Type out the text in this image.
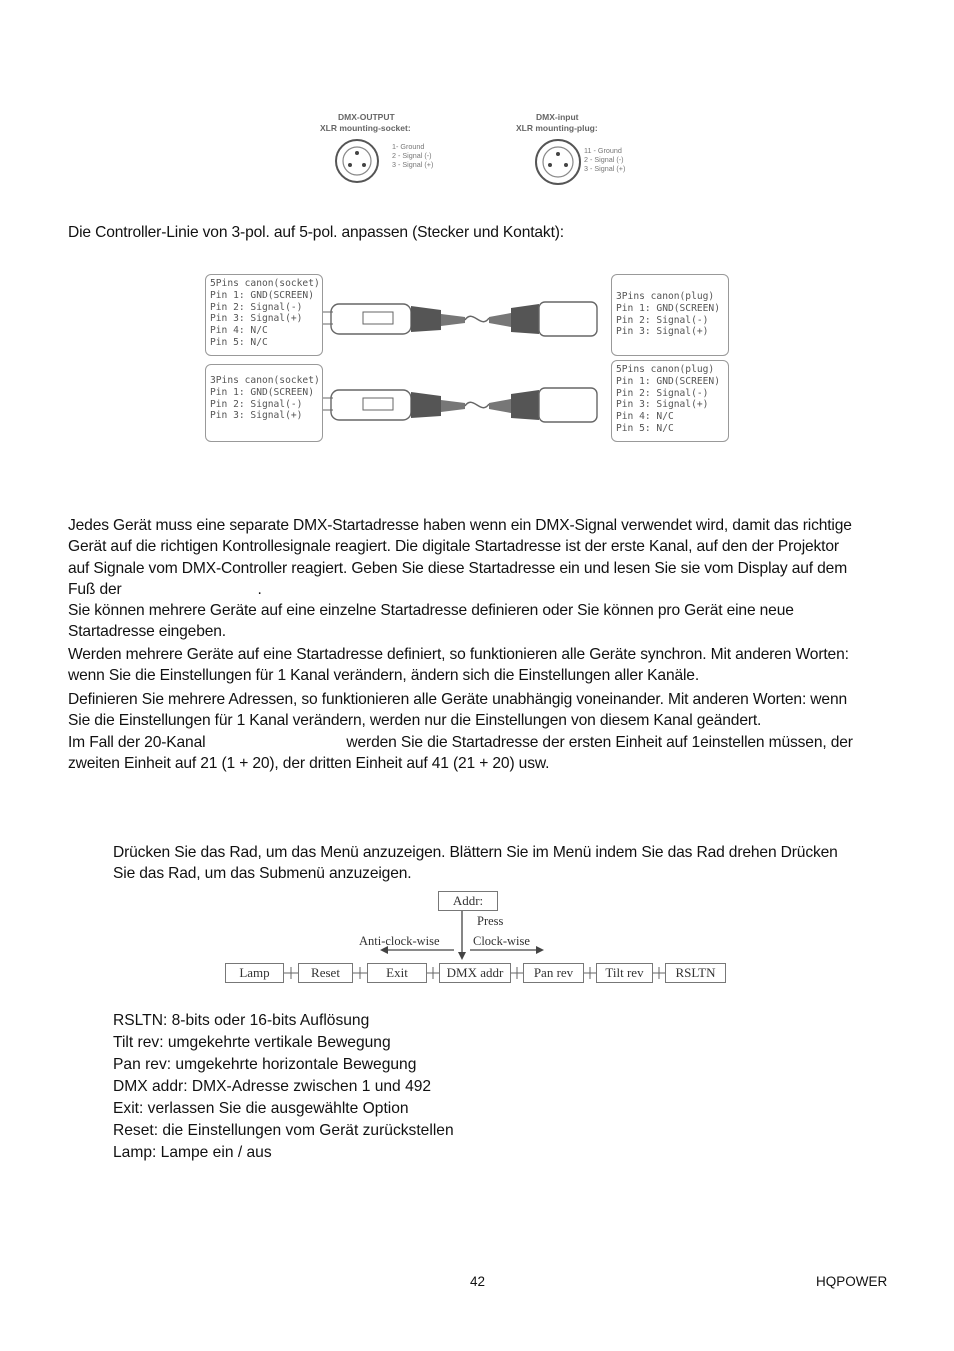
DMX-OUTPUT
XLR mounting-socket:
1- Ground
2 - Signal (-)
3 - Signal (+)
DMX-input
XLR mounting-plug:
11 - Ground
2 - Signal (-)
3 - Signal (+)
Die Controller-Linie von 3-pol. auf 5-pol. anpassen (Stecker und Kontakt):
5Pins canon(socket)
Pin 1: GND(SCREEN)
Pin 2: Signal(-)
Pin 3: Signal(+)
Pin 4: N/C
Pin 5: N/C
3Pins canon(plug)
Pin 1: GND(SCREEN)
Pin 2: Signal(-)
Pin 3: Signal(+)
3Pins canon(socket)
Pin 1: GND(SCREEN)
Pin 2: Signal(-)
Pin 3: Signal(+)
5Pins canon(plug)
Pin 1: GND(SCREEN)
Pin 2: Signal(-)
Pin 3: Signal(+)
Pin 4: N/C
Pin 5: N/C
Jedes Gerät muss eine separate DMX-Startadresse haben wenn ein DMX-Signal verwendet wird, damit das richtige
Gerät auf die richtigen Kontrollesignale reagiert. Die digitale Startadresse ist der erste Kanal, auf den der Projektor
auf Signale vom DMX-Controller reagiert. Geben Sie diese Startadresse ein und lesen Sie sie vom Display auf dem
Fuß der	.
Sie können mehrere Geräte auf eine einzelne Startadresse definieren oder Sie können pro Gerät eine neue
Startadresse eingeben.
Werden mehrere Geräte auf eine Startadresse definiert, so funktionieren alle Geräte synchron. Mit anderen Worten:
wenn Sie die Einstellungen für 1 Kanal verändern, ändern sich die Einstellungen aller Kanäle.
Definieren Sie mehrere Adressen, so funktionieren alle Geräte unabhängig voneinander. Mit anderen Worten: wenn
Sie die Einstellungen für 1 Kanal verändern, werden nur die Einstellungen von diesem Kanal geändert.
Im Fall der 20-Kanal	werden Sie die Startadresse der ersten Einheit auf 1einstellen müssen, der
zweiten Einheit auf 21 (1 + 20), der dritten Einheit auf 41 (21 + 20) usw.
Drücken Sie das Rad, um das Menü anzuzeigen. Blättern Sie im Menü indem Sie das Rad drehen Drücken
Sie das Rad, um das Submenü anzuzeigen.
Addr:
Press
Anti-clock-wise	Clock-wise
Lamp	Reset	Exit	DMX addr	Pan rev	Tilt rev	RSLTN
RSLTN: 8-bits oder 16-bits Auflösung
Tilt rev: umgekehrte vertikale Bewegung
Pan rev: umgekehrte horizontale Bewegung
DMX addr: DMX-Adresse zwischen 1 und 492
Exit: verlassen Sie die ausgewählte Option
Reset: die Einstellungen vom Gerät zurückstellen
Lamp: Lampe ein / aus
42	HQPOWER
